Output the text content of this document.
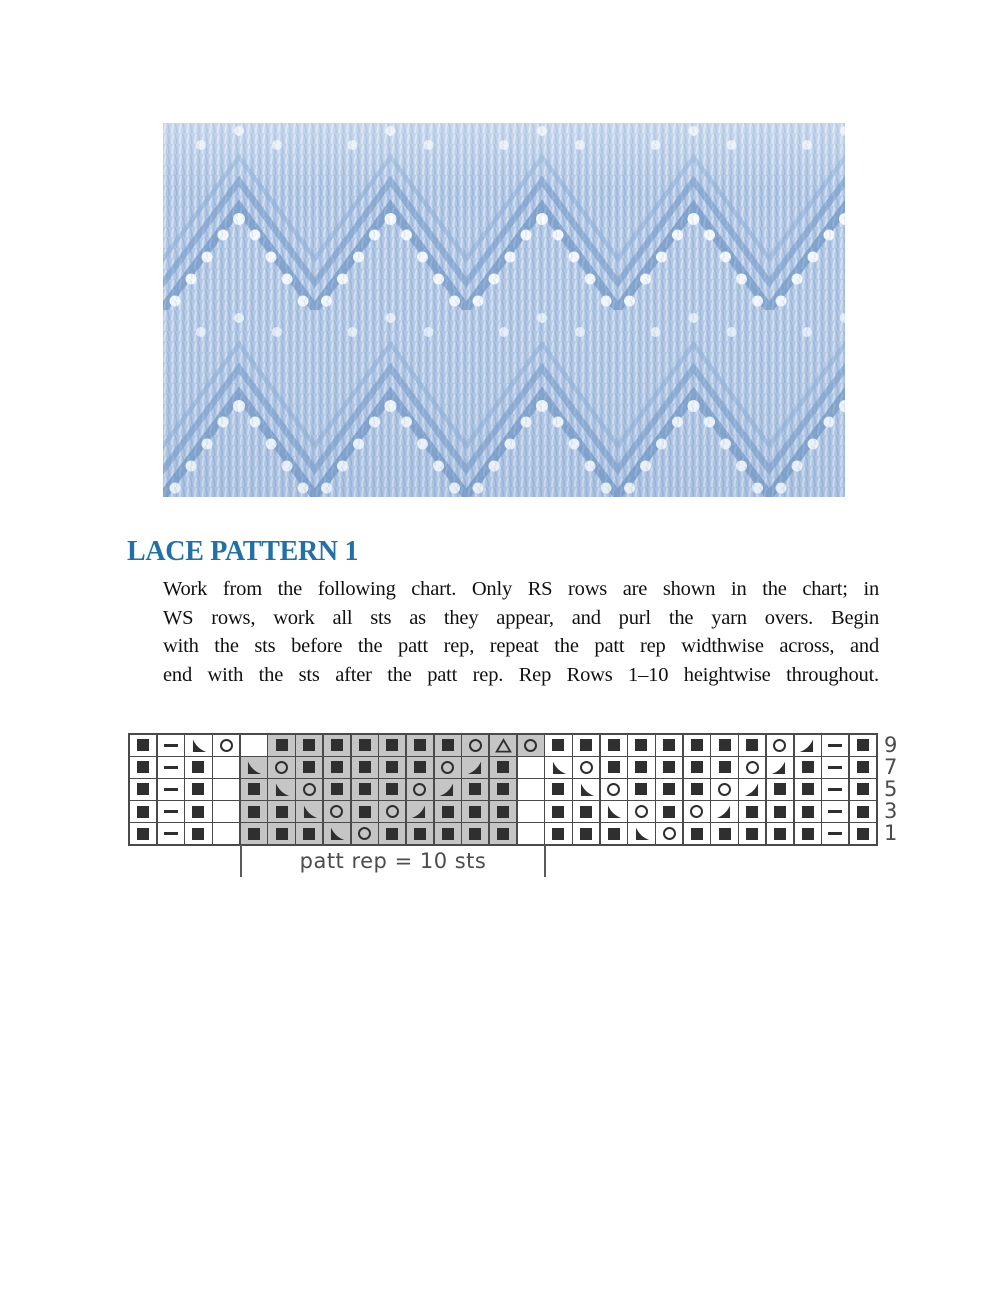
LACE PATTERN 1
Work from the following chart. Only RS rows are shown in the chart; in
WS rows, work all sts as they appear, and purl the yarn overs. Begin
with the sts before the patt rep, repeat the patt rep widthwise across, and
end with the sts after the patt rep. Rep Rows 1–10 heightwise throughout.
9
7
5
3
1
patt rep = 10 sts
